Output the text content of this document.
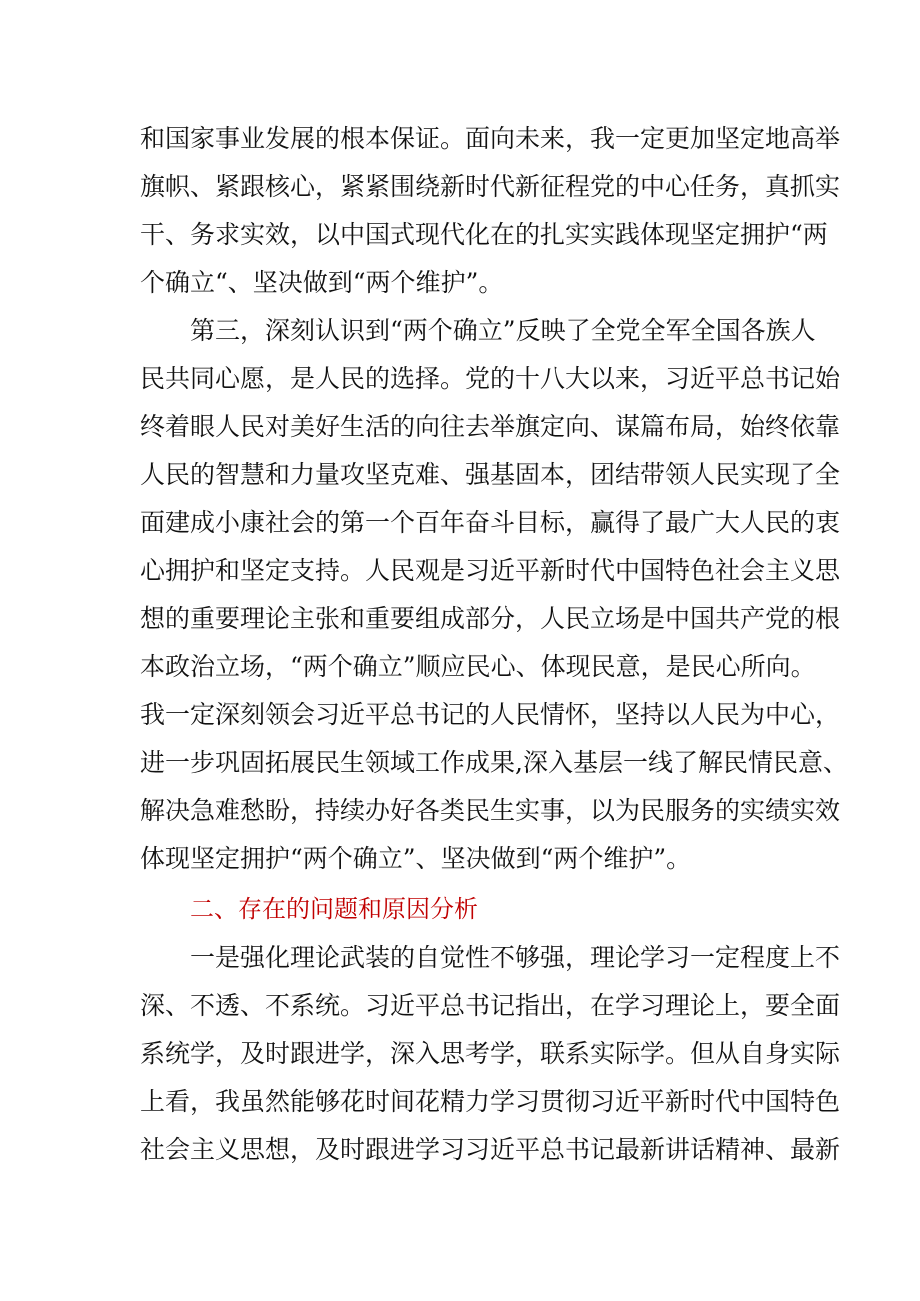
和国家事业发展的根本保证。面向未来，我一定更加坚定地高举
旗帜、紧跟核心，紧紧围绕新时代新征程党的中心任务，真抓实
干、务求实效，以中国式现代化在的扎实实践体现坚定拥护“两
个确立“、坚决做到“两个维护”。
第三，深刻认识到“两个确立”反映了全党全军全国各族人
民共同心愿，是人民的选择。党的十八大以来，习近平总书记始
终着眼人民对美好生活的向往去举旗定向、谋篇布局，始终依靠
人民的智慧和力量攻坚克难、强基固本，团结带领人民实现了全
面建成小康社会的第一个百年奋斗目标，赢得了最广大人民的衷
心拥护和坚定支持。人民观是习近平新时代中国特色社会主义思
想的重要理论主张和重要组成部分，人民立场是中国共产党的根
本政治立场，“两个确立”顺应民心、体现民意，是民心所向。
我一定深刻领会习近平总书记的人民情怀，坚持以人民为中心，
进一步巩固拓展民生领域工作成果,深入基层一线了解民情民意、
解决急难愁盼，持续办好各类民生实事，以为民服务的实绩实效
体现坚定拥护“两个确立”、坚决做到“两个维护”。
二、存在的问题和原因分析
一是强化理论武装的自觉性不够强，理论学习一定程度上不
深、不透、不系统。习近平总书记指出，在学习理论上，要全面
系统学，及时跟进学，深入思考学，联系实际学。但从自身实际
上看，我虽然能够花时间花精力学习贯彻习近平新时代中国特色
社会主义思想，及时跟进学习习近平总书记最新讲话精神、最新
